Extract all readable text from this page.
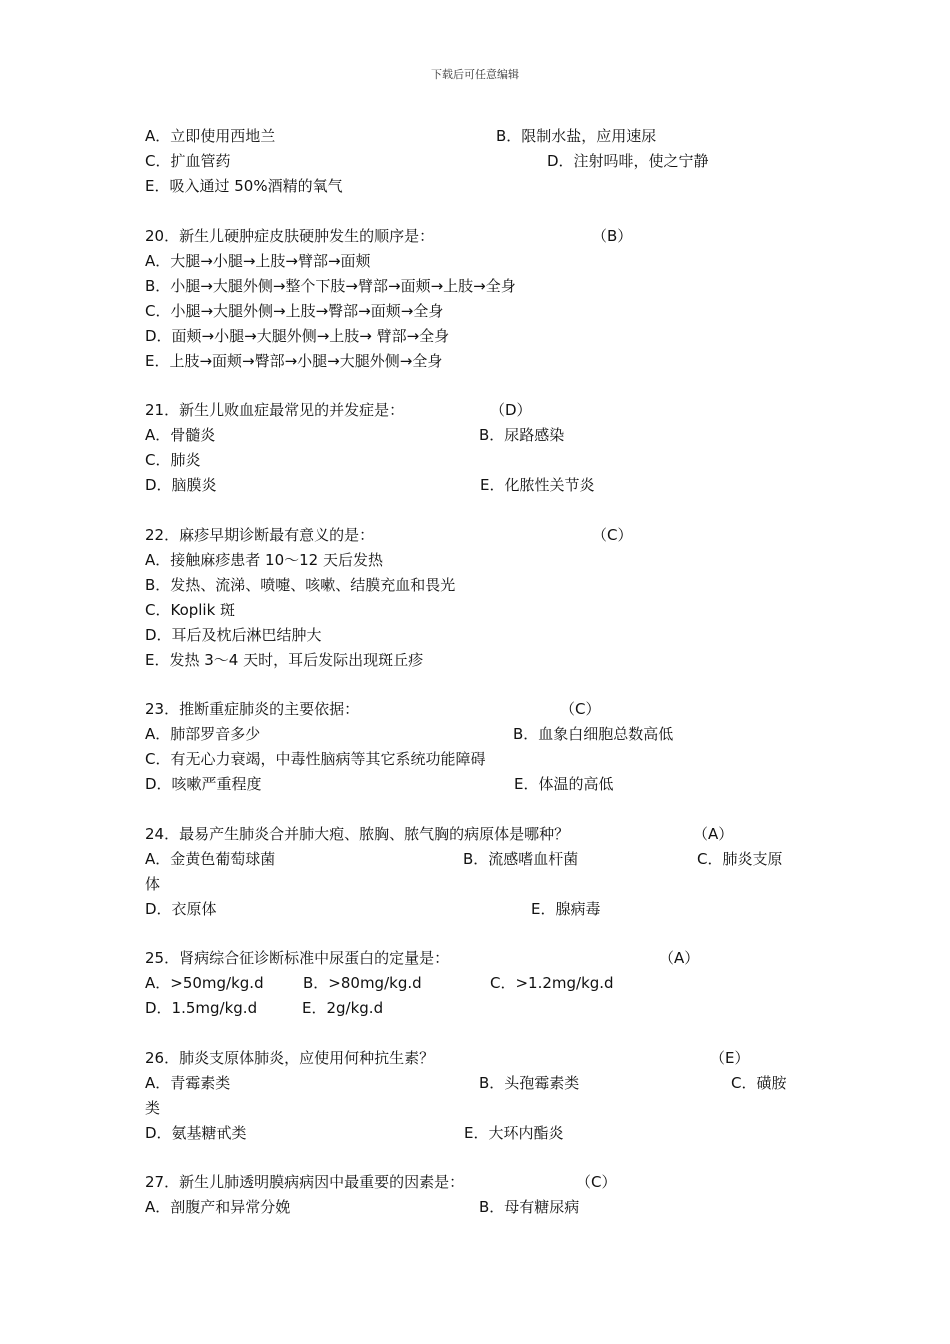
下载后可任意编辑
A．立即使用西地兰	B．限制水盐，应用速尿
C．扩血管药	D．注射吗啡，使之宁静
E．吸入通过 50%酒精的氧气
20．新生儿硬肿症皮肤硬肿发生的顺序是：	（B）
A．大腿→小腿→上肢→臂部→面颊
B．小腿→大腿外侧→整个下肢→臂部→面颊→上肢→全身
C．小腿→大腿外侧→上肢→臀部→面颊→全身
D．面颊→小腿→大腿外侧→上肢→ 臂部→全身
E．上肢→面颊→臀部→小腿→大腿外侧→全身
21．新生儿败血症最常见的并发症是：	（D）
A．骨髓炎	B．尿路感染
C．肺炎
D．脑膜炎	E．化脓性关节炎
22．麻疹早期诊断最有意义的是：	（C）
A．接触麻疹患者 10～12 天后发热
B．发热、流涕、喷嚏、咳嗽、结膜充血和畏光
C．Koplik 斑
D．耳后及枕后淋巴结肿大
E．发热 3～4 天时，耳后发际出现斑丘疹
23．推断重症肺炎的主要依据：	（C）
A．肺部罗音多少	B．血象白细胞总数高低
C．有无心力衰竭，中毒性脑病等其它系统功能障碍
D．咳嗽严重程度	E．体温的高低
24．最易产生肺炎合并肺大疱、脓胸、脓气胸的病原体是哪种？	（A）
A．金黄色葡萄球菌	B．流感嗜血杆菌	C．肺炎支原
体
D．衣原体	E．腺病毒
25．肾病综合征诊断标准中尿蛋白的定量是：	（A）
A．>50mg/kg.d	B．>80mg/kg.d	C．>1.2mg/kg.d
D．1.5mg/kg.d	E．2g/kg.d
26．肺炎支原体肺炎，应使用何种抗生素？	（E）
A．青霉素类	B．头孢霉素类	C．磺胺
类
D．氨基糖甙类	E．大环内酯炎
27．新生儿肺透明膜病病因中最重要的因素是：	（C）
A．剖腹产和异常分娩	B．母有糖尿病
